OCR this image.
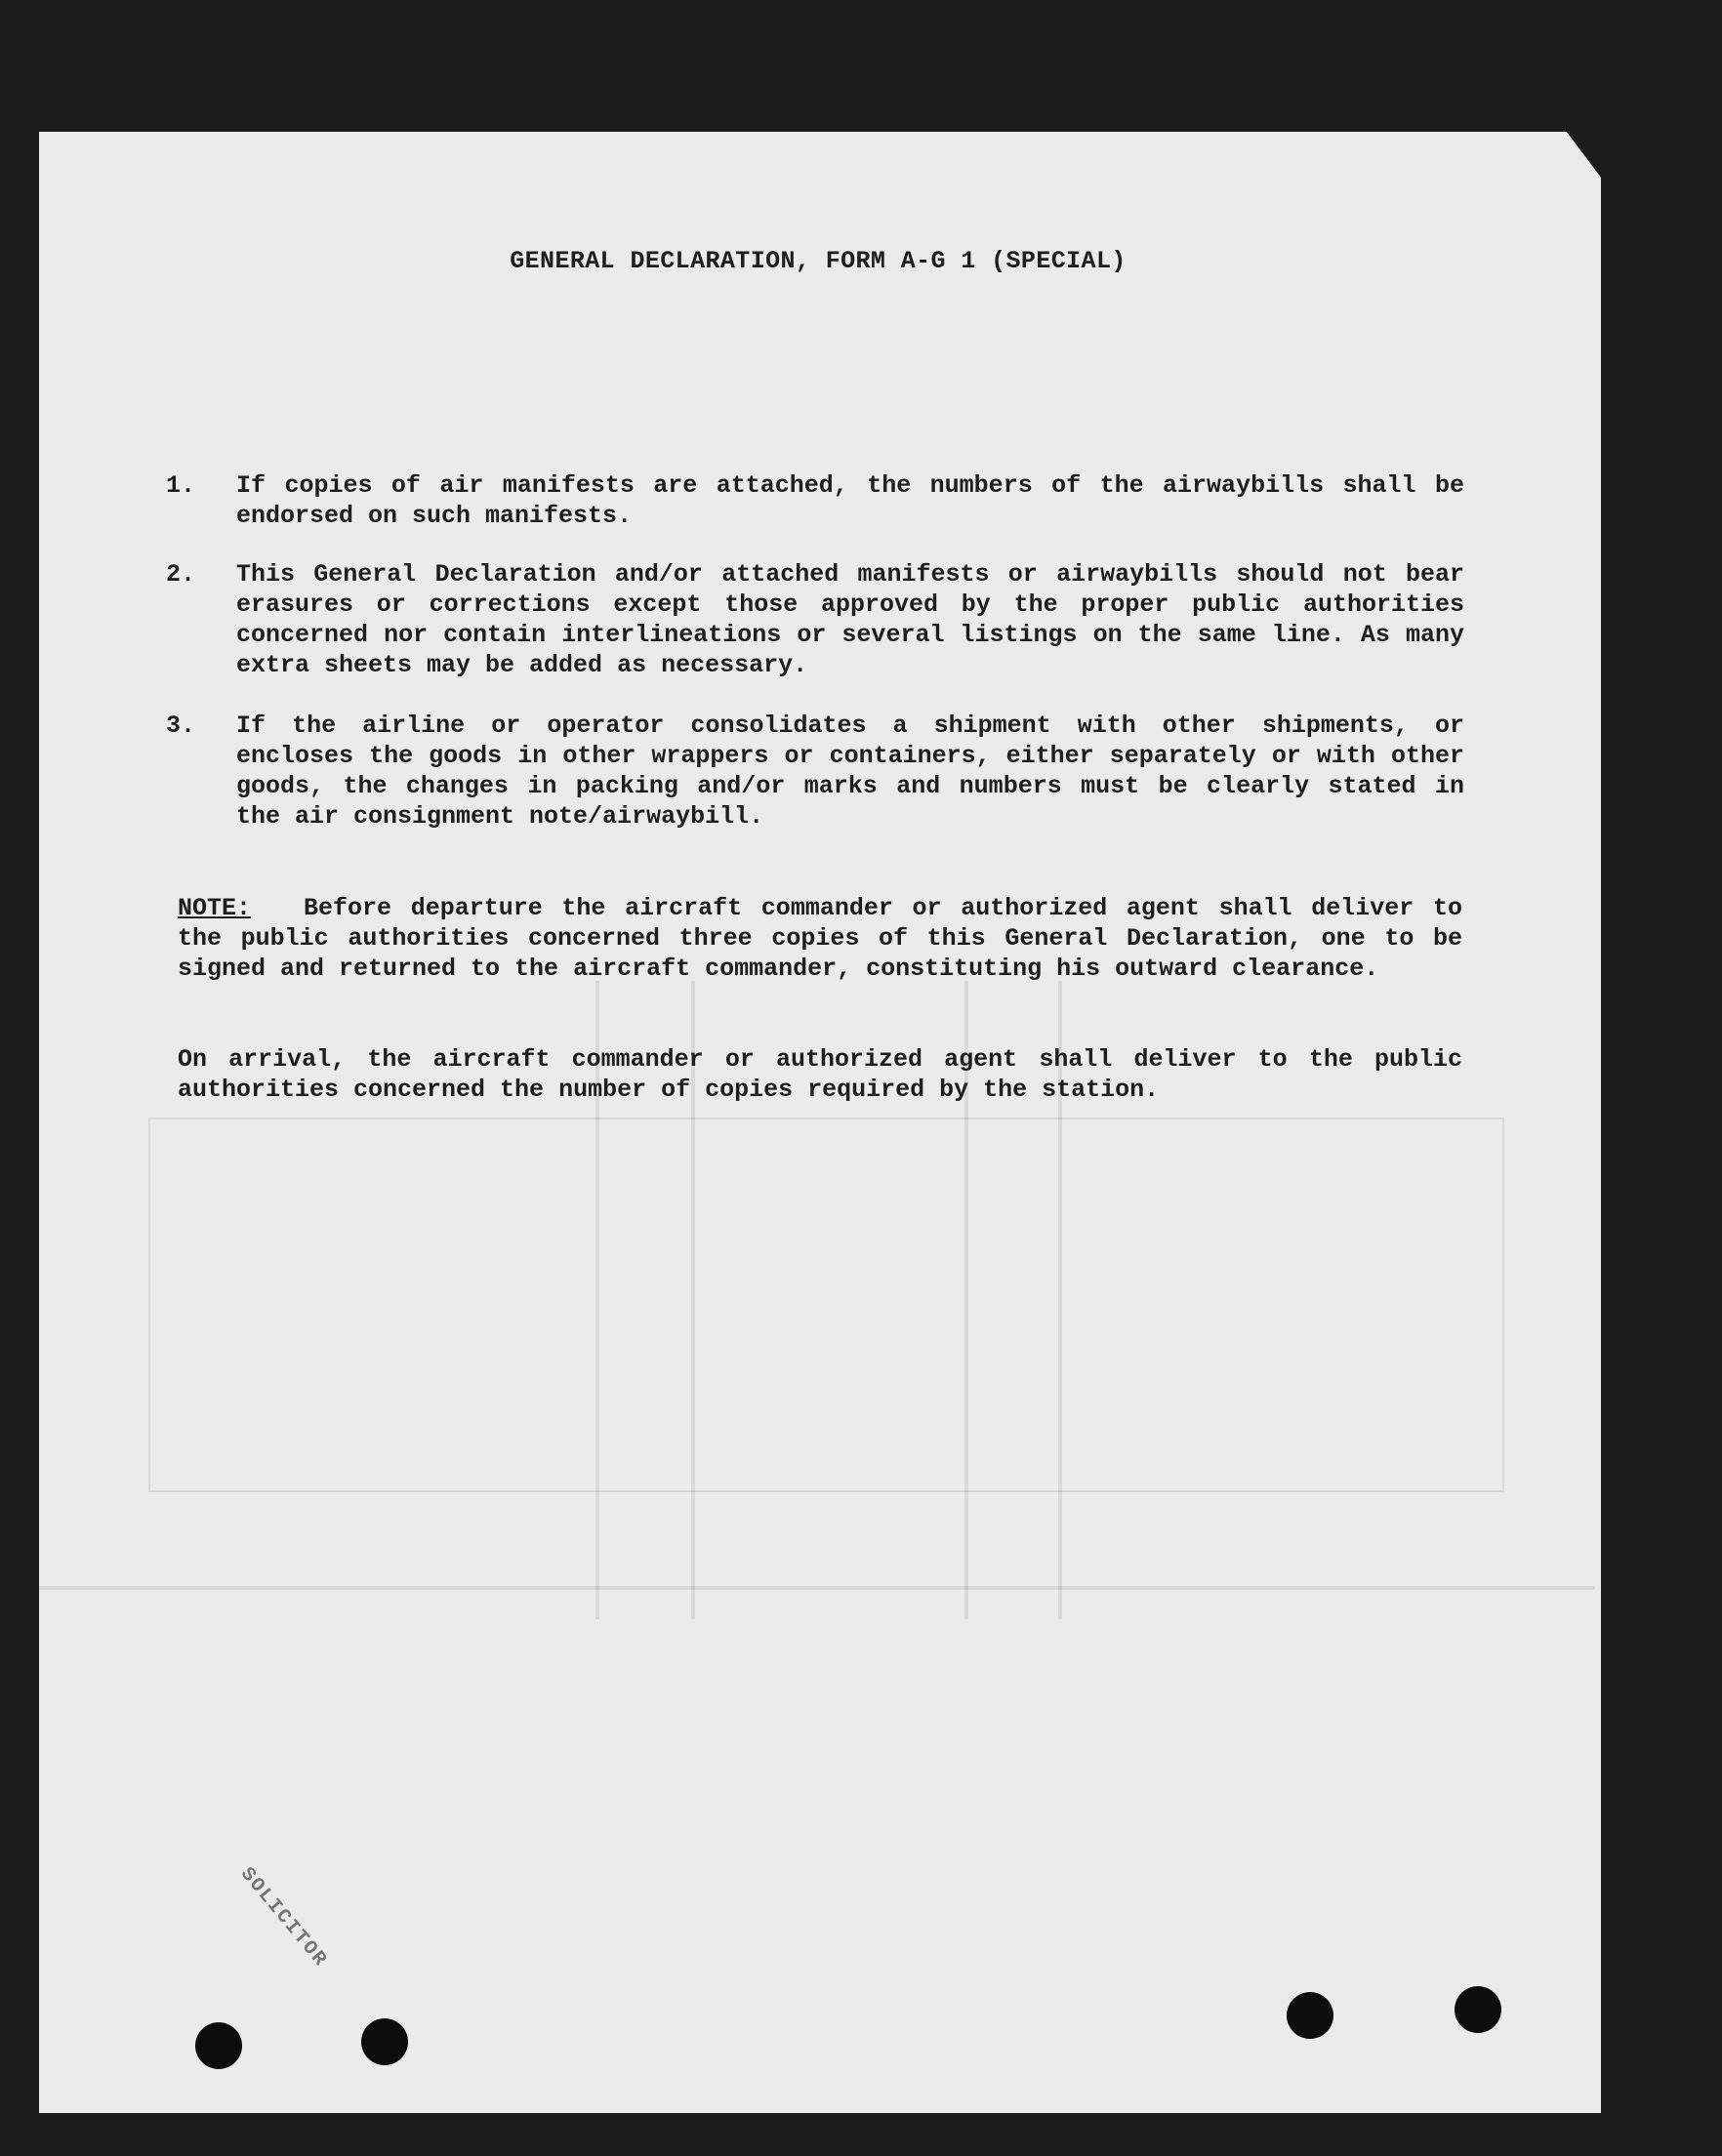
GENERAL DECLARATION, FORM A-G 1 (SPECIAL)
1. If copies of air manifests are attached, the numbers of the airwaybills shall be endorsed on such manifests.
2. This General Declaration and/or attached manifests or airwaybills should not bear erasures or corrections except those approved by the proper public authorities concerned nor contain interlineations or several listings on the same line. As many extra sheets may be added as necessary.
3. If the airline or operator consolidates a shipment with other shipments, or encloses the goods in other wrappers or containers, either separately or with other goods, the changes in packing and/or marks and numbers must be clearly stated in the air consignment note/airwaybill.
NOTE: Before departure the aircraft commander or authorized agent shall deliver to the public authorities concerned three copies of this General Declaration, one to be signed and returned to the aircraft commander, constituting his outward clearance.
On arrival, the aircraft commander or authorized agent shall deliver to the public authorities concerned the number of copies required by the station.
SOLICITOR
